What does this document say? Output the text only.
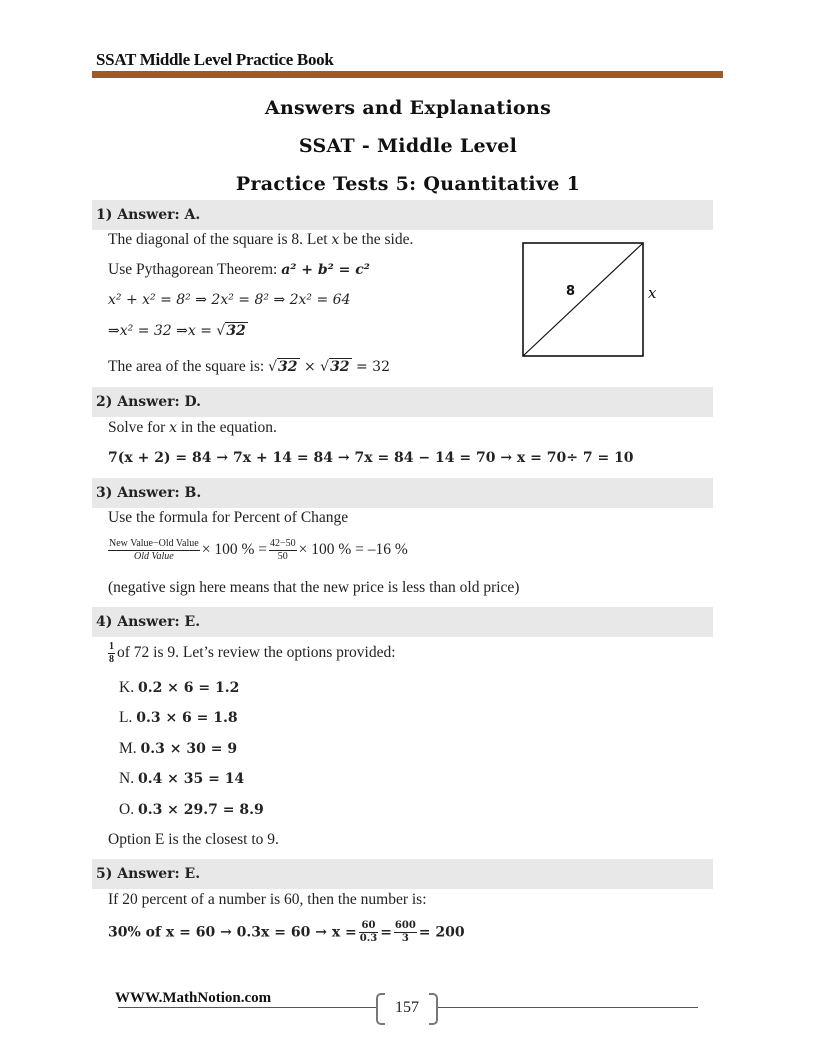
SSAT Middle Level Practice Book
Answers and Explanations
SSAT - Middle Level
Practice Tests 5: Quantitative 1
1) Answer: A.
The diagonal of the square is 8. Let x be the side.
Use Pythagorean Theorem: a² + b² = c²
x² + x² = 8² ⇒ 2x² = 8² ⇒ 2x² = 64
⇒x² = 32 ⇒x = √32
The area of the square is: √32 × √32 = 32
8	x
2) Answer: D.
Solve for x in the equation.
7(x + 2) = 84 → 7x + 14 = 84 → 7x = 84 − 14 = 70 → x = 70÷ 7 = 10
3) Answer: B.
Use the formula for Percent of Change
$\frac{\text{New Value−Old Value}}{\text{Old Value}} \times 100$ % = $\frac{42-50}{50} \times 100$ % = –16 %
(negative sign here means that the new price is less than old price)
4) Answer: E.
$\frac{1}{8}$ of 72 is 9. Let’s review the options provided:
K. 0.2 × 6 = 1.2
L. 0.3 × 6 = 1.8
M. 0.3 × 30 = 9
N. 0.4 × 35 = 14
O. 0.3 × 29.7 = 8.9
Option E is the closest to 9.
5) Answer: E.
If 20 percent of a number is 60, then the number is:
30% of $x = 60 \to 0.3x = 60 \to x = \frac{60}{0.3} = \frac{600}{3} = 200$
WWW.MathNotion.com
157
